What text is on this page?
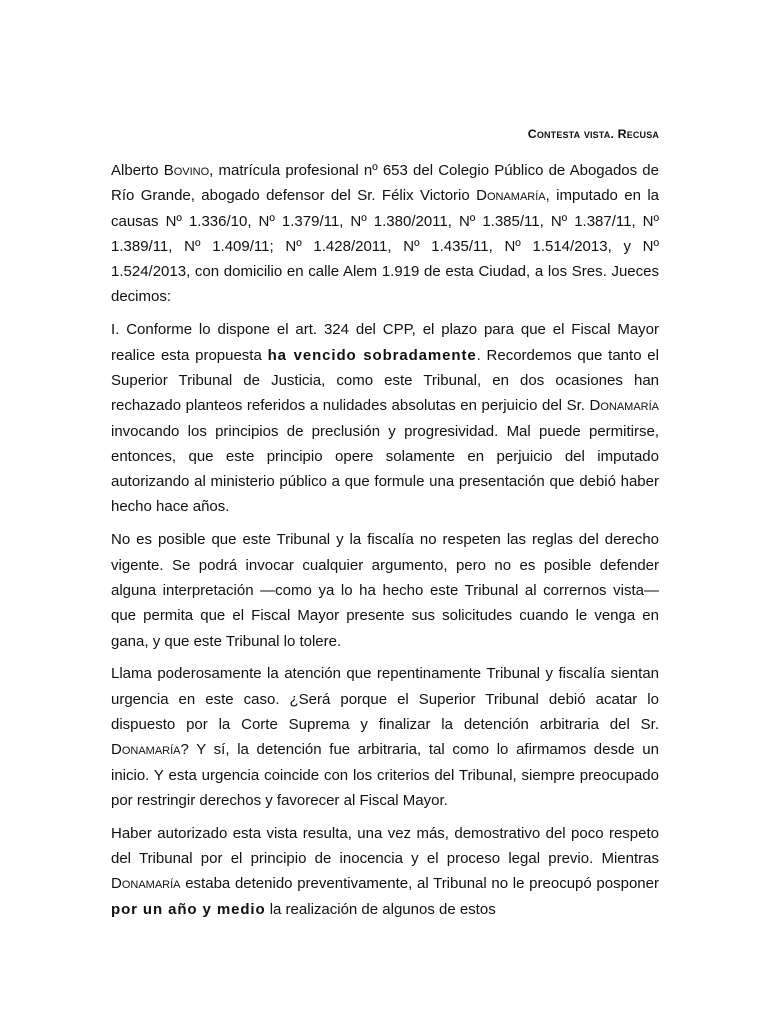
Contesta vista. Recusa

Alberto Bovino, matrícula profesional nº 653 del Colegio Público de Abogados de Río Grande, abogado defensor del Sr. Félix Victorio Donamaría, imputado en la causas Nº 1.336/10, Nº 1.379/11, Nº 1.380/2011, Nº 1.385/11, Nº 1.387/11, Nº 1.389/11, Nº 1.409/11; Nº 1.428/2011, Nº 1.435/11, Nº 1.514/2013, y Nº 1.524/2013, con domicilio en calle Alem 1.919 de esta Ciudad, a los Sres. Jueces decimos:

I. Conforme lo dispone el art. 324 del CPP, el plazo para que el Fiscal Mayor realice esta propuesta ha vencido sobradamente. Recordemos que tanto el Superior Tribunal de Justicia, como este Tribunal, en dos ocasiones han rechazado planteos referidos a nulidades absolutas en perjuicio del Sr. Donamaría invocando los principios de preclusión y progresividad. Mal puede permitirse, entonces, que este principio opere solamente en perjuicio del imputado autorizando al ministerio público a que formule una presentación que debió haber hecho hace años.

No es posible que este Tribunal y la fiscalía no respeten las reglas del derecho vigente. Se podrá invocar cualquier argumento, pero no es posible defender alguna interpretación —como ya lo ha hecho este Tribunal al corrernos vista— que permita que el Fiscal Mayor presente sus solicitudes cuando le venga en gana, y que este Tribunal lo tolere.

Llama poderosamente la atención que repentinamente Tribunal y fiscalía sientan urgencia en este caso. ¿Será porque el Superior Tribunal debió acatar lo dispuesto por la Corte Suprema y finalizar la detención arbitraria del Sr. Donamaría? Y sí, la detención fue arbitraria, tal como lo afirmamos desde un inicio. Y esta urgencia coincide con los criterios del Tribunal, siempre preocupado por restringir derechos y favorecer al Fiscal Mayor.

Haber autorizado esta vista resulta, una vez más, demostrativo del poco respeto del Tribunal por el principio de inocencia y el proceso legal previo. Mientras Donamaría estaba detenido preventivamente, al Tribunal no le preocupó posponer por un año y medio la realización de algunos de estos
